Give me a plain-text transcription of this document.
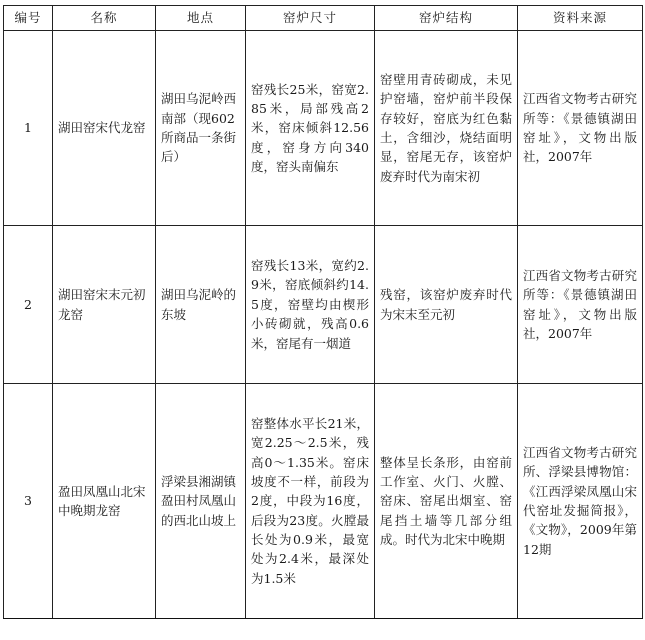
编号	名称	地点	窑炉尺寸	窑炉结构	资料来源
1	湖田窑宋代龙窑	湖田乌泥岭西南部（现602所商品一条街后）	窑残长25米，窑宽2.85米，局部残高2米，窑床倾斜12.56度，窑身方向340度，窑头南偏东	窑壁用青砖砌成，未见护窑墙，窑炉前半段保存较好，窑底为红色黏土，含细沙，烧结面明显，窑尾无存，该窑炉废弃时代为南宋初	江西省文物考古研究所等：《景德镇湖田窑址》，文物出版社，2007年
2	湖田窑宋末元初龙窑	湖田乌泥岭的东坡	窑残长13米，宽约2.9米，窑底倾斜约14.5度，窑壁均由楔形小砖砌就，残高0.6米，窑尾有一烟道	残窑，该窑炉废弃时代为宋末至元初	江西省文物考古研究所等：《景德镇湖田窑址》，文物出版社，2007年
3	盈田凤凰山北宋中晚期龙窑	浮梁县湘湖镇盈田村凤凰山的西北山坡上	窑整体水平长21米，宽2.25～2.5米，残高0～1.35米。窑床坡度不一样，前段为2度，中段为16度，后段为23度。火膛最长处为0.9米，最宽处为2.4米，最深处为1.5米	整体呈长条形，由窑前工作室、火门、火膛、窑床、窑尾出烟室、窑尾挡土墙等几部分组成。时代为北宋中晚期	江西省文物考古研究所、浮梁县博物馆：《江西浮梁凤凰山宋代窑址发掘简报》，《文物》，2009年第12期
